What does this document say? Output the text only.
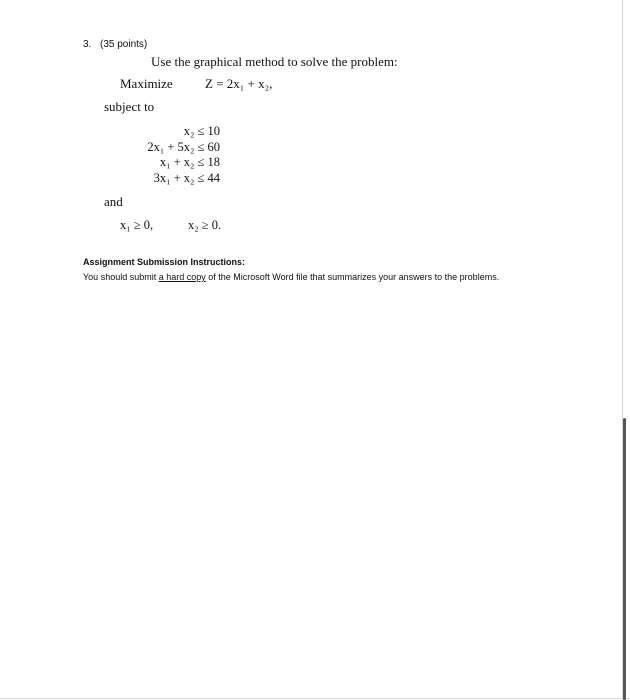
3. (35 points)
Use the graphical method to solve the problem:
Maximize Z = 2x₁ + x₂,
subject to
x₂ ≤ 10
2x₁ + 5x₂ ≤ 60
x₁ + x₂ ≤ 18
3x₁ + x₂ ≤ 44
and
x₁ ≥ 0,	x₂ ≥ 0.
Assignment Submission Instructions:
You should submit a hard copy of the Microsoft Word file that summarizes your answers to the problems.
